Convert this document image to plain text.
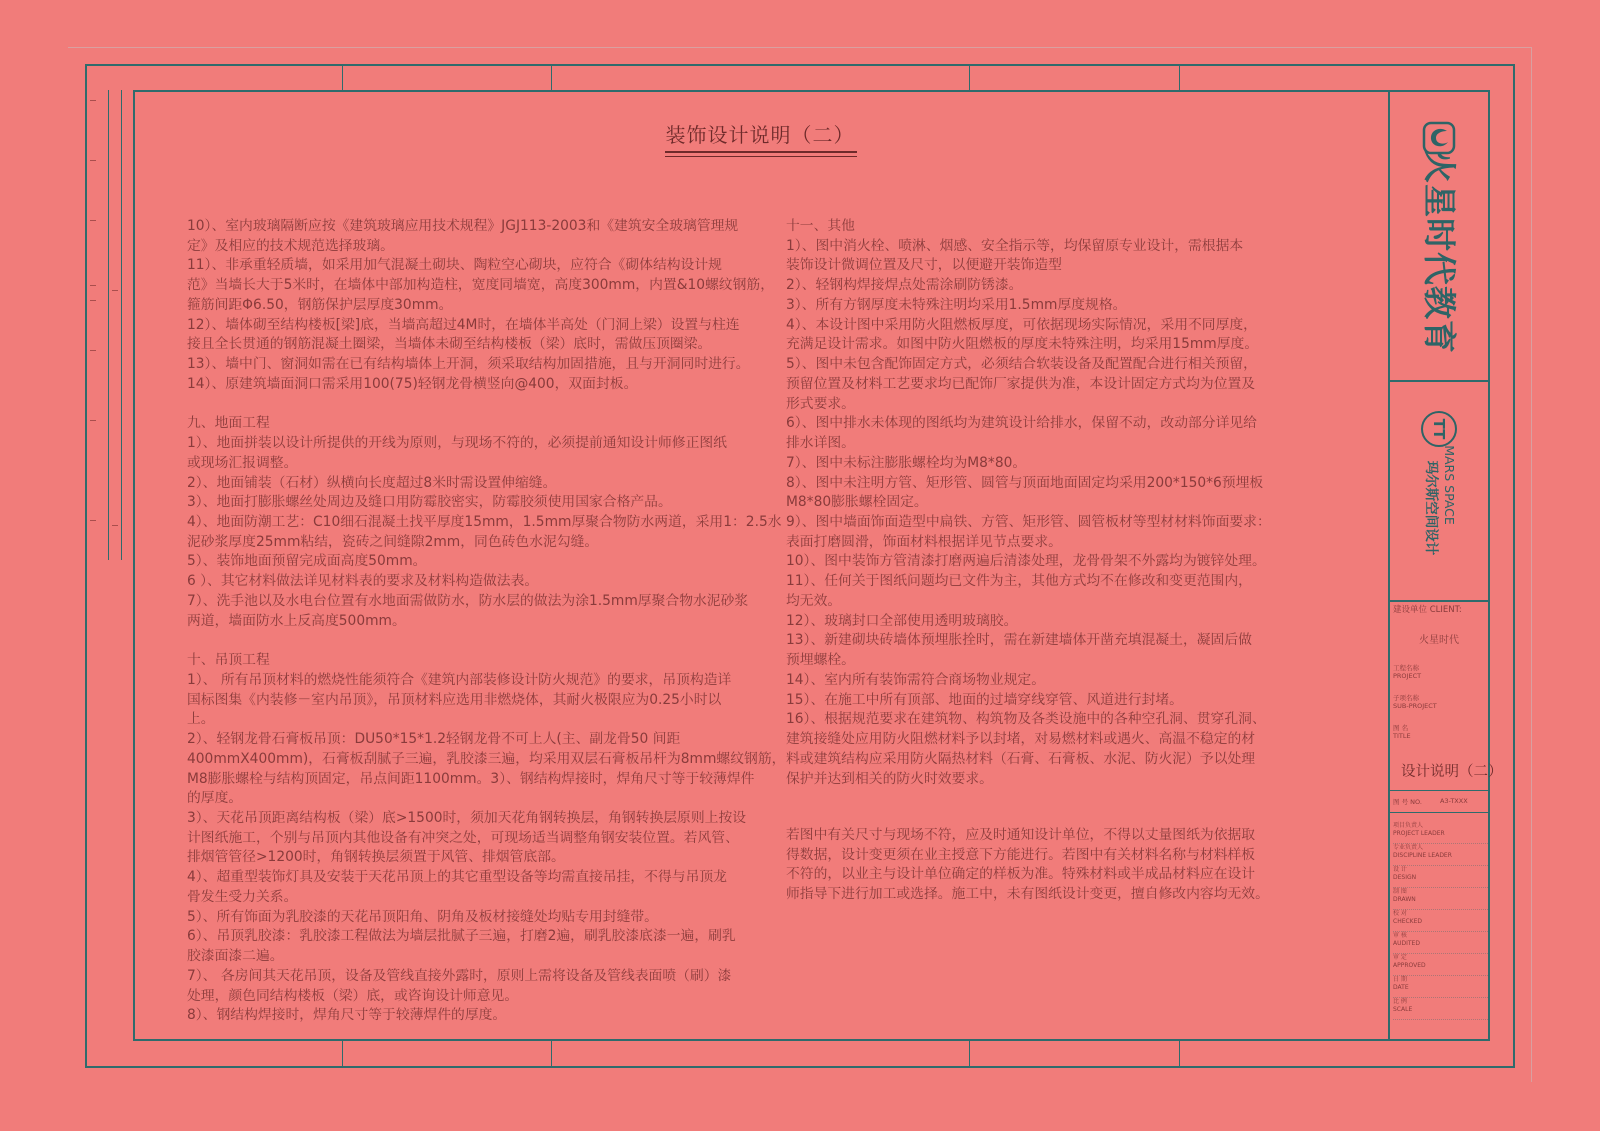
装饰设计说明（二）
10）、室内玻璃隔断应按《建筑玻璃应用技术规程》JGJ113-2003和《建筑安全玻璃管理规
定》及相应的技术规范选择玻璃。
11）、非承重轻质墙，如采用加气混凝土砌块、陶粒空心砌块，应符合《砌体结构设计规
范》当墙长大于5米时，在墙体中部加构造柱，宽度同墙宽，高度300mm，内置&10螺纹钢筋，
箍筋间距Φ6.50，钢筋保护层厚度30mm。
12）、墙体砌至结构楼板[梁]底，当墙高超过4M时，在墙体半高处（门洞上梁）设置与柱连
接且全长贯通的钢筋混凝土圈梁，当墙体未砌至结构楼板（梁）底时，需做压顶圈梁。
13）、墙中门、窗洞如需在已有结构墙体上开洞，须采取结构加固措施，且与开洞同时进行。
14）、原建筑墙面洞口需采用100(75)轻钢龙骨横竖向@400，双面封板。
九、地面工程
1）、地面拼装以设计所提供的开线为原则，与现场不符的，必须提前通知设计师修正图纸
或现场汇报调整。
2）、地面铺装（石材）纵横向长度超过8米时需设置伸缩缝。
3）、地面打膨胀螺丝处周边及缝口用防霉胶密实，防霉胶须使用国家合格产品。
4）、地面防潮工艺：C10细石混凝土找平厚度15mm，1.5mm厚聚合物防水两道，采用1：2.5水
泥砂浆厚度25mm粘结，瓷砖之间缝隙2mm，同色砖色水泥勾缝。
5）、装饰地面预留完成面高度50mm。
6 ）、其它材料做法详见材料表的要求及材料构造做法表。
7）、洗手池以及水电台位置有水地面需做防水，防水层的做法为涂1.5mm厚聚合物水泥砂浆
两道，墙面防水上反高度500mm。
十、吊顶工程
1）、 所有吊顶材料的燃烧性能须符合《建筑内部装修设计防火规范》的要求，吊顶构造详
国标图集《内装修－室内吊顶》，吊顶材料应选用非燃烧体，其耐火极限应为0.25小时以
上。
2）、轻钢龙骨石膏板吊顶：DU50*15*1.2轻钢龙骨不可上人(主、副龙骨50 间距
400mmX400mm)，石膏板刮腻子三遍，乳胶漆三遍，均采用双层石膏板吊杆为8mm螺纹钢筋，
M8膨胀螺栓与结构顶固定，吊点间距1100mm。3）、钢结构焊接时，焊角尺寸等于较薄焊件
的厚度。
3）、天花吊顶距离结构板（梁）底>1500时，须加天花角钢转换层，角钢转换层原则上按设
计图纸施工，个别与吊顶内其他设备有冲突之处，可现场适当调整角钢安装位置。若风管、
排烟管管径>1200时，角钢转换层须置于风管、排烟管底部。
4）、超重型装饰灯具及安装于天花吊顶上的其它重型设备等均需直接吊挂，不得与吊顶龙
骨发生受力关系。
5）、所有饰面为乳胶漆的天花吊顶阳角、阴角及板材接缝处均贴专用封缝带。
6）、吊顶乳胶漆：乳胶漆工程做法为墙层批腻子三遍，打磨2遍，刷乳胶漆底漆一遍，刷乳
胶漆面漆二遍。
7）、 各房间其天花吊顶，设备及管线直接外露时，原则上需将设备及管线表面喷（刷）漆
处理，颜色同结构楼板（梁）底，或咨询设计师意见。
8）、钢结构焊接时，焊角尺寸等于较薄焊件的厚度。
十一、其他
1）、图中消火栓、喷淋、烟感、安全指示等，均保留原专业设计，需根据本
装饰设计微调位置及尺寸，以便避开装饰造型
2）、轻钢构焊接焊点处需涂刷防锈漆。
3）、所有方钢厚度未特殊注明均采用1.5mm厚度规格。
4）、本设计图中采用防火阻燃板厚度，可依据现场实际情况，采用不同厚度，
充满足设计需求。如图中防火阻燃板的厚度未特殊注明，均采用15mm厚度。
5）、图中未包含配饰固定方式，必须结合软装设备及配置配合进行相关预留，
预留位置及材料工艺要求均已配饰厂家提供为准，本设计固定方式均为位置及
形式要求。
6）、图中排水未体现的图纸均为建筑设计给排水，保留不动，改动部分详见给
排水详图。
7）、图中未标注膨胀螺栓均为M8*80。
8）、图中未注明方管、矩形管、圆管与顶面地面固定均采用200*150*6预埋板
M8*80膨胀螺栓固定。
9）、图中墙面饰面造型中扁铁、方管、矩形管、圆管板材等型材材料饰面要求：
表面打磨圆滑，饰面材料根据详见节点要求。
10）、图中装饰方管清漆打磨两遍后清漆处理，龙骨骨架不外露均为镀锌处理。
11）、任何关于图纸问题均已文件为主，其他方式均不在修改和变更范围内，
均无效。
12）、玻璃封口全部使用透明玻璃胶。
13）、新建砌块砖墙体预埋胀拴时，需在新建墙体开凿充填混凝土，凝固后做
预埋螺栓。
14）、室内所有装饰需符合商场物业规定。
15）、在施工中所有顶部、地面的过墙穿线穿管、风道进行封堵。
16）、根据规范要求在建筑物、构筑物及各类设施中的各种空孔洞、贯穿孔洞、
建筑接缝处应用防火阻燃材料予以封堵，对易燃材料或遇火、高温不稳定的材
料或建筑结构应采用防火隔热材料（石膏、石膏板、水泥、防火泥）予以处理
保护并达到相关的防火时效要求。
若图中有关尺寸与现场不符，应及时通知设计单位，不得以丈量图纸为依据取
得数据，设计变更须在业主授意下方能进行。若图中有关材料名称与材料样板
不符的，以业主与设计单位确定的样板为准。特殊材料或半成品材料应在设计
师指导下进行加工或选择。施工中，未有图纸设计变更，擅自修改内容均无效。
火星时代教育
TT
MARS SPACE
玛尔斯空间设计
建设单位 CLIENT:
火星时代
工程名称
PROJECT
子项名称
SUB-PROJECT
图 名
TITLE
设计说明（二）
图 号 NO.	A3-TXXX
项目负责人
PROJECT LEADER
专业负责人
DISCIPLINE LEADER
设 计
DESIGN
制 图
DRAWN
校 对
CHECKED
审 核
AUDITED
审 定
APPROVED
日 期
DATE
比 例
SCALE
